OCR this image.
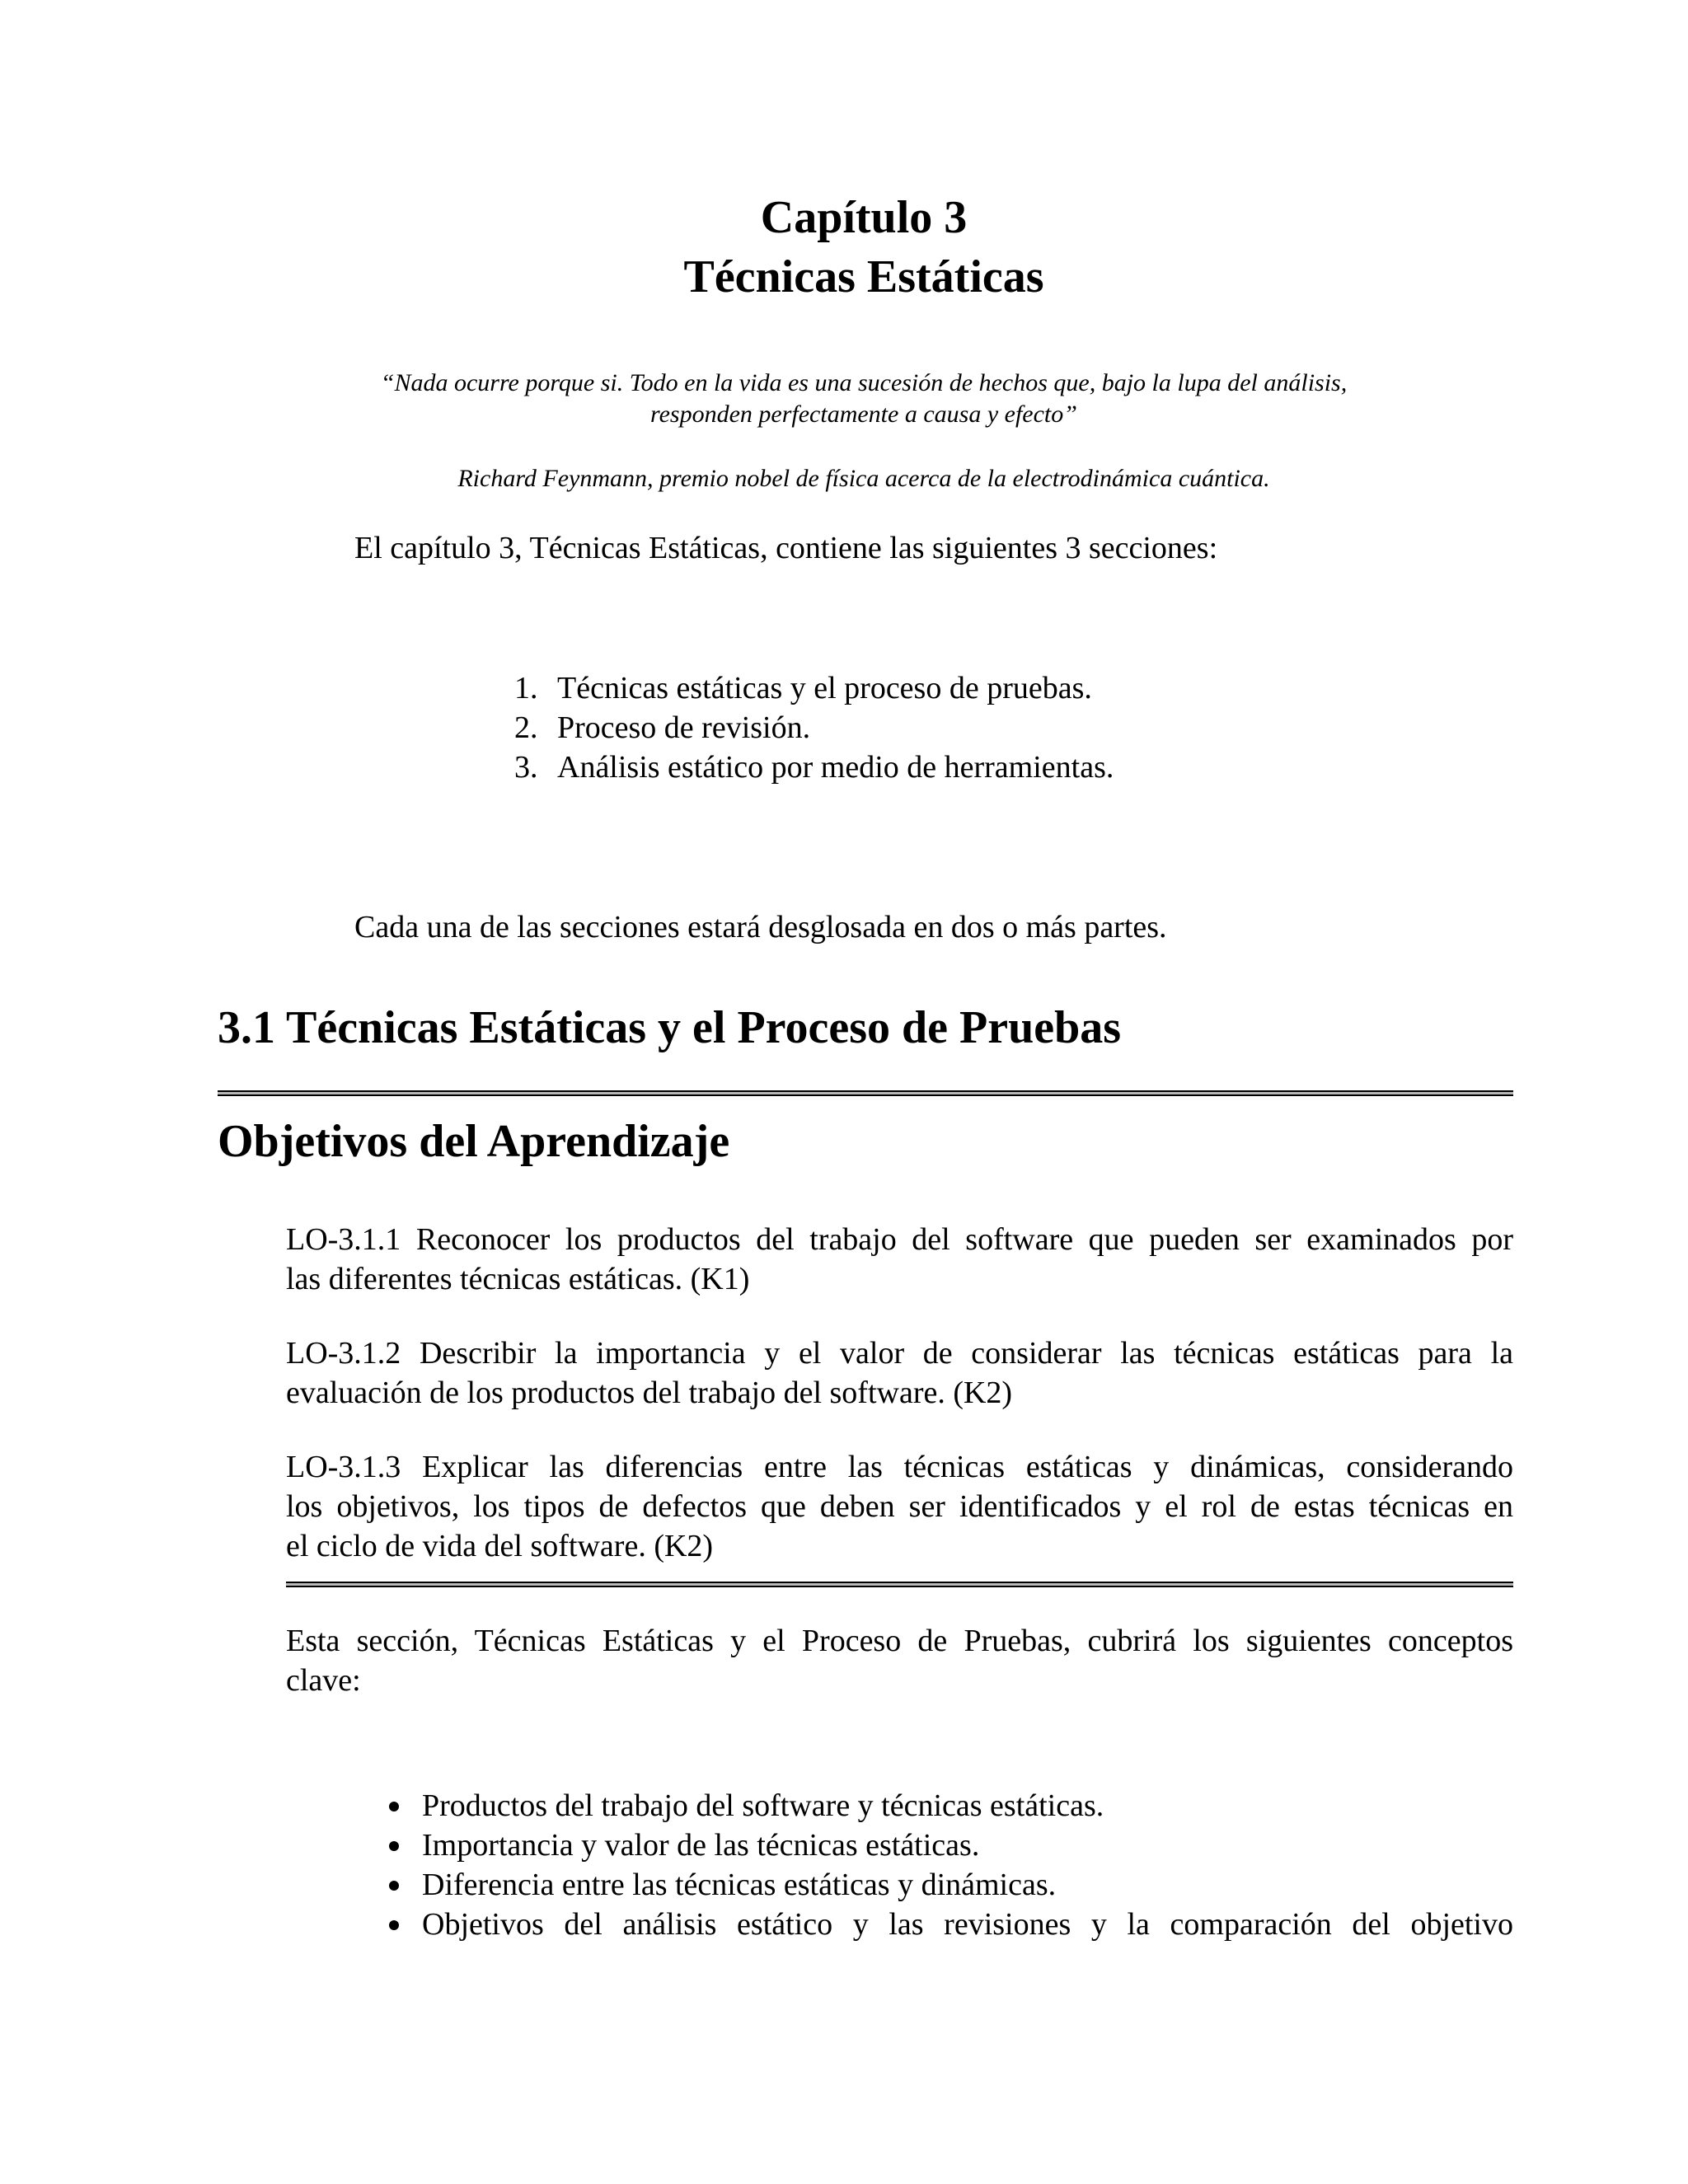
Capítulo 3
Técnicas Estáticas
“Nada ocurre porque si. Todo en la vida es una sucesión de hechos que, bajo la lupa del análisis,
responden perfectamente a causa y efecto”
Richard Feynmann, premio nobel de física acerca de la electrodinámica cuántica.
El capítulo 3, Técnicas Estáticas, contiene las siguientes 3 secciones:
1. Técnicas estáticas y el proceso de pruebas.
2. Proceso de revisión.
3. Análisis estático por medio de herramientas.
Cada una de las secciones estará desglosada en dos o más partes.
3.1 Técnicas Estáticas y el Proceso de Pruebas
Objetivos del Aprendizaje
LO-3.1.1 Reconocer los productos del trabajo del software que pueden ser examinados por
las diferentes técnicas estáticas. (K1)
LO-3.1.2 Describir la importancia y el valor de considerar las técnicas estáticas para la
evaluación de los productos del trabajo del software. (K2)
LO-3.1.3 Explicar las diferencias entre las técnicas estáticas y dinámicas, considerando
los objetivos, los tipos de defectos que deben ser identificados y el rol de estas técnicas en
el ciclo de vida del software. (K2)
Esta sección, Técnicas Estáticas y el Proceso de Pruebas, cubrirá los siguientes conceptos
clave:
Productos del trabajo del software y técnicas estáticas.
Importancia y valor de las técnicas estáticas.
Diferencia entre las técnicas estáticas y dinámicas.
Objetivos del análisis estático y las revisiones y la comparación del objetivo
